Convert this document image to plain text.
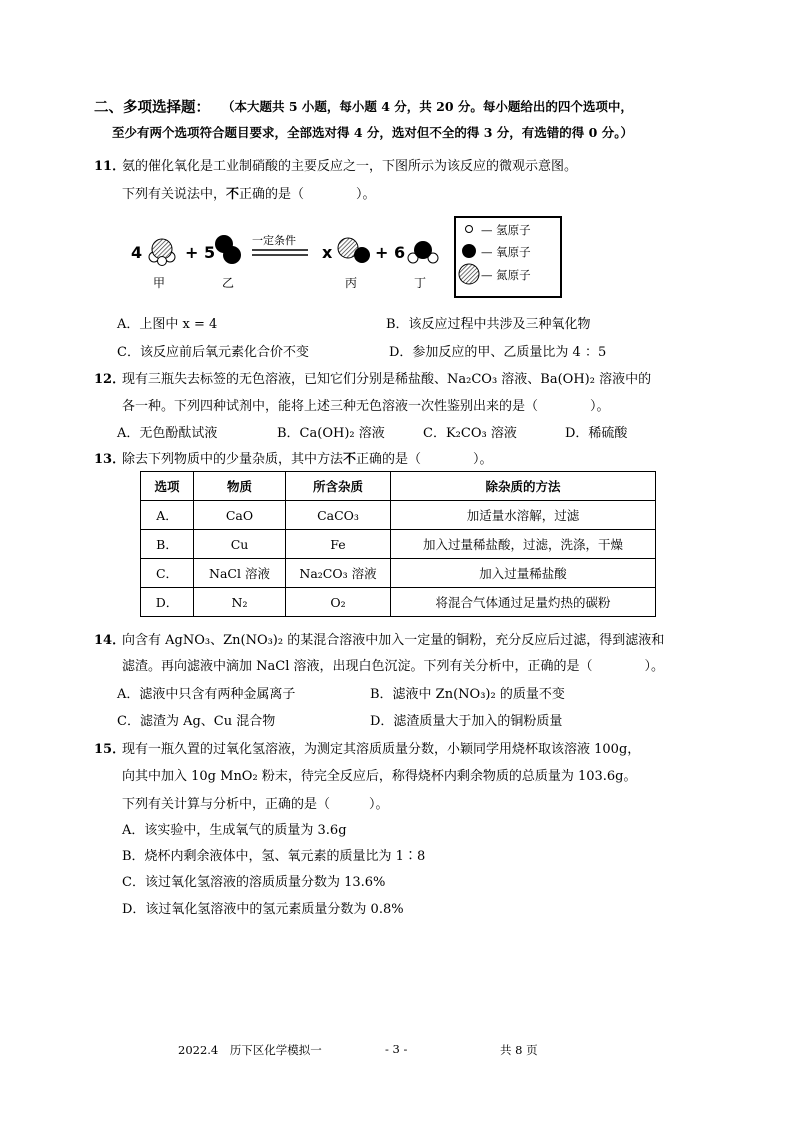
二、多项选择题： （本大题共 5 小题，每小题 4 分，共 20 分。每小题给出的四个选项中，
至少有两个选项符合题目要求，全部选对得 4 分，选对但不全的得 3 分，有选错的得 0 分。）
11．
氨的催化氧化是工业制硝酸的主要反应之一，下图所示为该反应的微观示意图。
下列有关说法中，不正确的是（　　　　）。
4	+ 5
一定条件
x	+ 6
甲	乙	丙	丁
— 氢原子
— 氧原子
— 氮原子
A．上图中 x = 4	B．该反应过程中共涉及三种氧化物
C．该反应前后氧元素化合价不变	D．参加反应的甲、乙质量比为 4 ：5
12．
现有三瓶失去标签的无色溶液，已知它们分别是稀盐酸、Na₂CO₃ 溶液、Ba(OH)₂ 溶液中的
各一种。下列四种试剂中，能将上述三种无色溶液一次性鉴别出来的是（　　　　）。
A．无色酚酞试液	B．Ca(OH)₂ 溶液	C．K₂CO₃ 溶液	D．稀硫酸
13．
除去下列物质中的少量杂质，其中方法不正确的是（　　　　）。
选项	物质	所含杂质	除杂质的方法
A．	CaO	CaCO₃	加适量水溶解，过滤
B．	Cu	Fe	加入过量稀盐酸，过滤，洗涤，干燥
C．	NaCl 溶液	Na₂CO₃ 溶液	加入过量稀盐酸
D．	N₂	O₂	将混合气体通过足量灼热的碳粉
14．
向含有 AgNO₃、Zn(NO₃)₂ 的某混合溶液中加入一定量的铜粉，充分反应后过滤，得到滤液和
滤渣。再向滤液中滴加 NaCl 溶液，出现白色沉淀。下列有关分析中，正确的是（　　　　）。
A．滤液中只含有两种金属离子	B．滤液中 Zn(NO₃)₂ 的质量不变
C．滤渣为 Ag、Cu 混合物	D．滤渣质量大于加入的铜粉质量
15．
现有一瓶久置的过氧化氢溶液，为测定其溶质质量分数，小颖同学用烧杯取该溶液 100g，
向其中加入 10g MnO₂ 粉末，待完全反应后，称得烧杯内剩余物质的总质量为 103.6g。
下列有关计算与分析中，正确的是（　　　）。
A．该实验中，生成氧气的质量为 3.6g
B．烧杯内剩余液体中，氢、氧元素的质量比为 1∶8
C．该过氧化氢溶液的溶质质量分数为 13.6%
D．该过氧化氢溶液中的氢元素质量分数为 0.8%
2022.4　历下区化学模拟一	- 3 -	共 8 页
